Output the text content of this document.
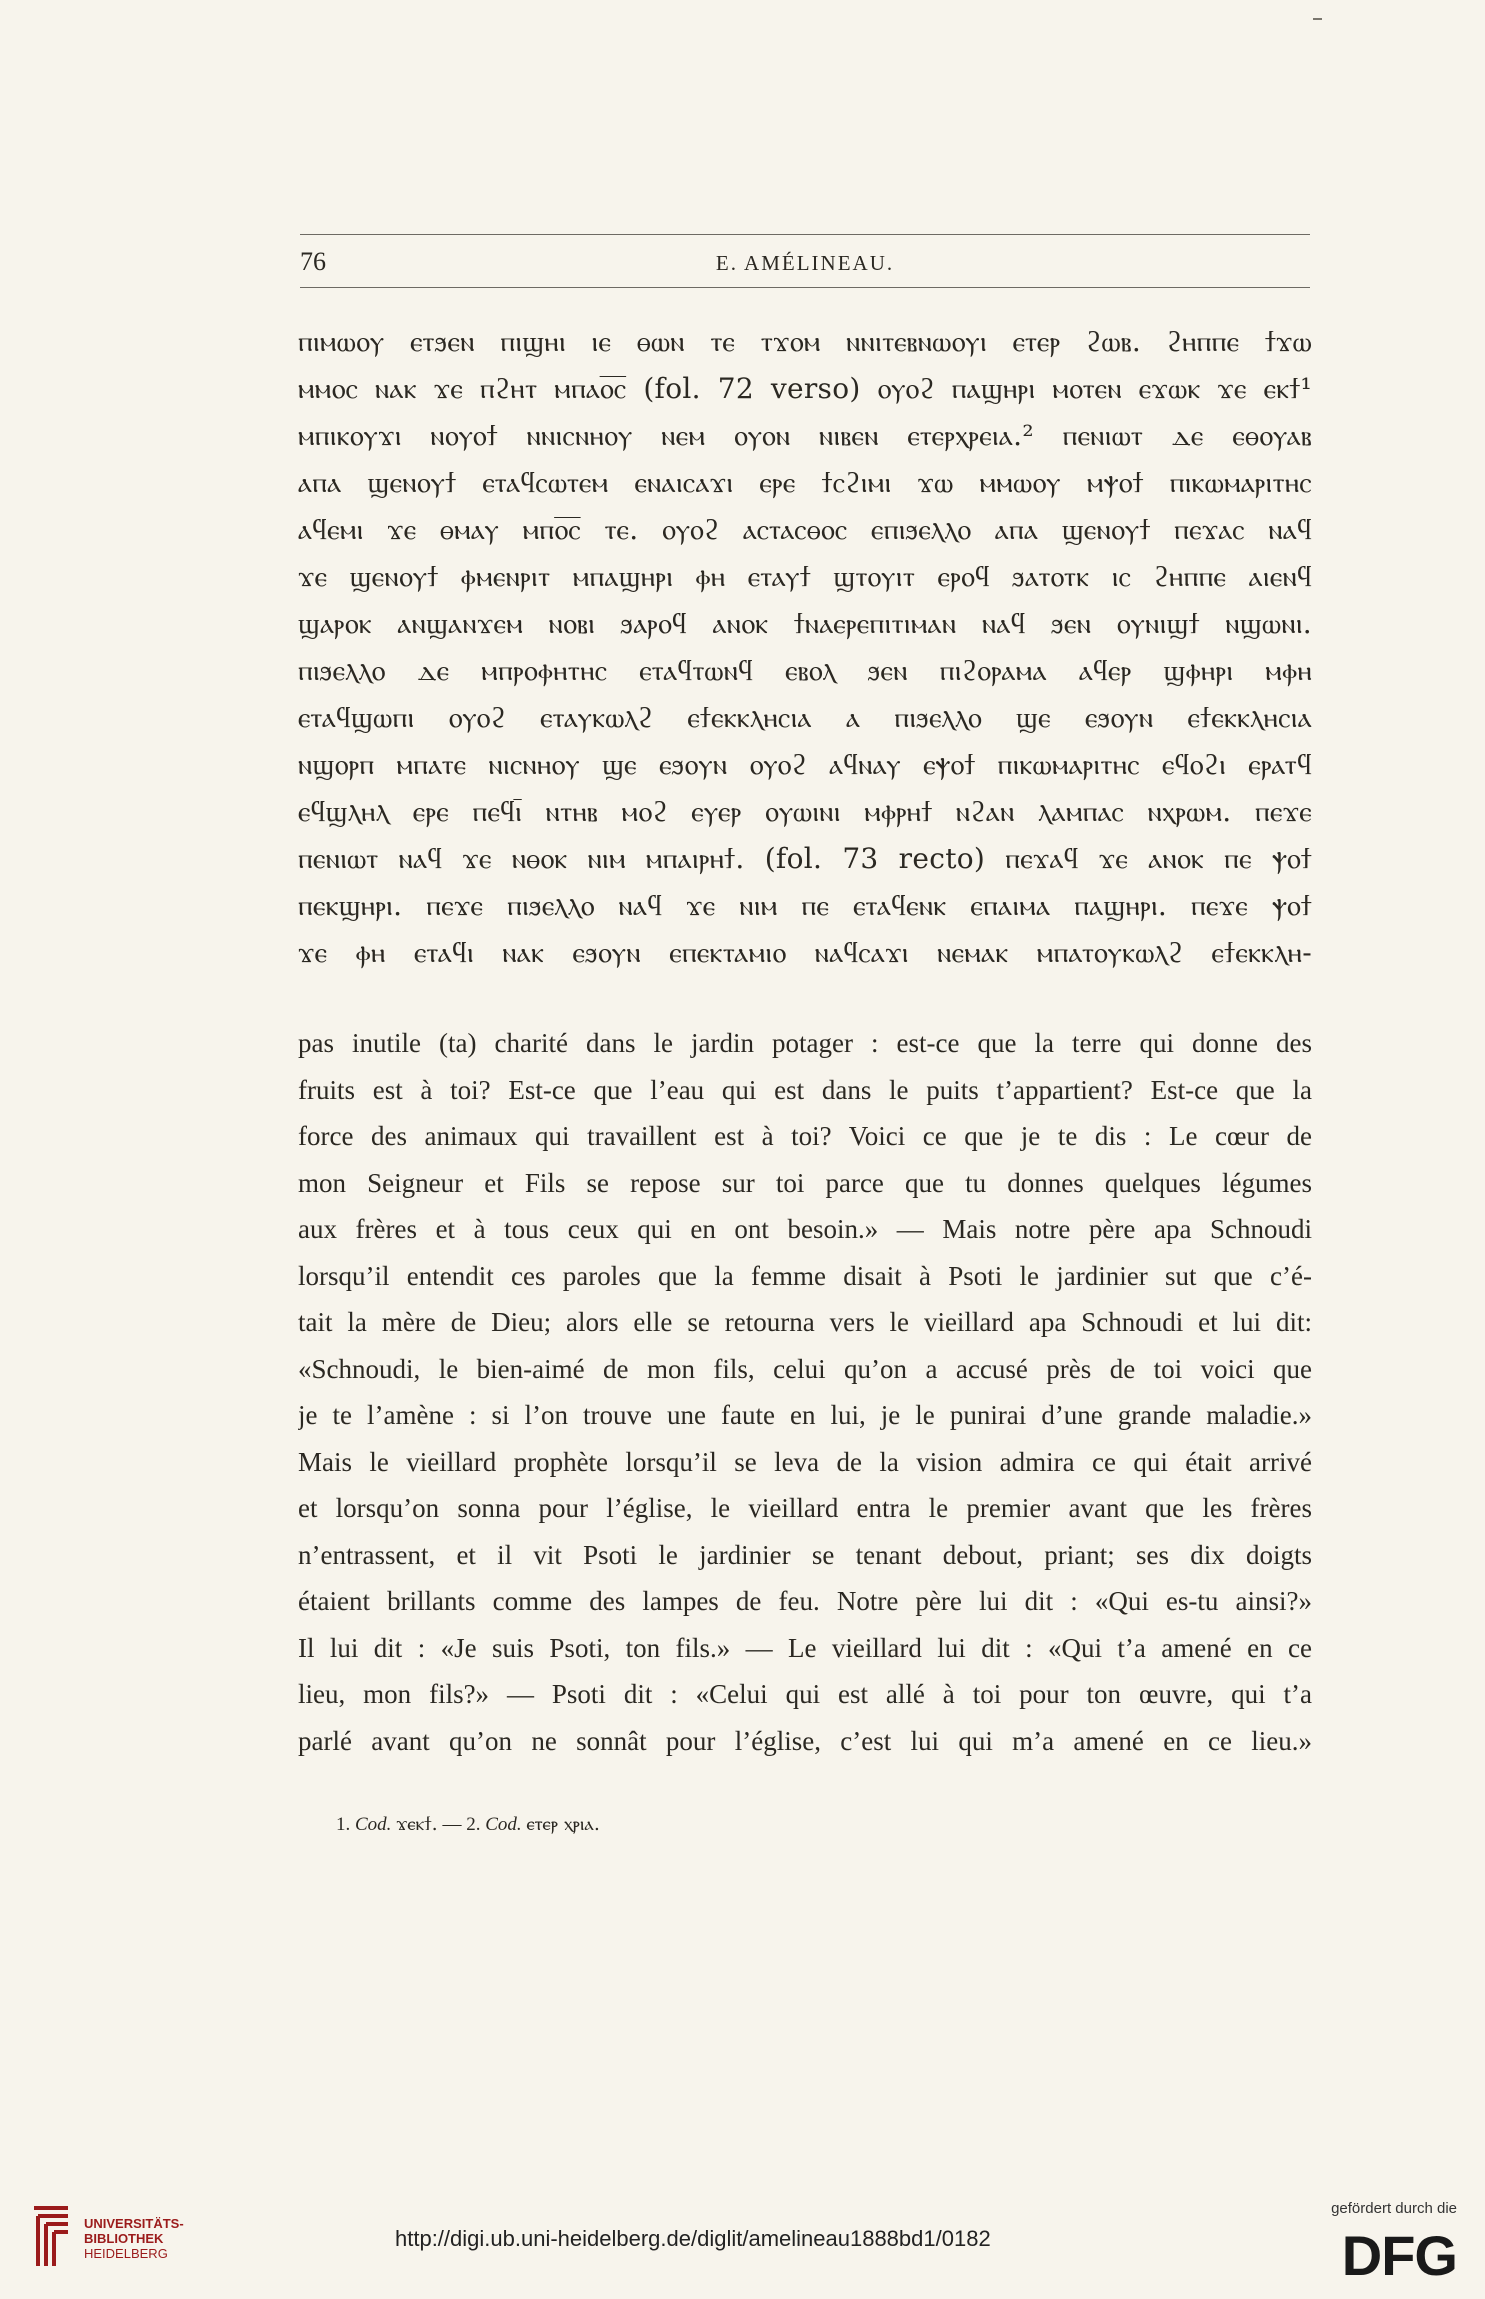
76	E. AMÉLINEAU.
ⲡⲓⲙⲱⲟⲩ ⲉⲧϧⲉⲛ ⲡⲓϣⲏⲓ ⲓⲉ ⲑⲱⲛ ⲧⲉ ⲧϫⲟⲙ ⲛⲛⲓⲧⲉⲃⲛⲱⲟⲩⲓ ⲉⲧⲉⲣ ϩⲱⲃ. ϩⲏⲡⲡⲉ ϯϫⲱ
ⲙⲙⲟⲥ ⲛⲁⲕ ϫⲉ ⲡϩⲏⲧ ⲙⲡⲁⲟ̅ⲥ̅ (fol. 72 verso) ⲟⲩⲟϩ ⲡⲁϣⲏⲣⲓ ⲙⲟⲧⲉⲛ ⲉϫⲱⲕ ϫⲉ ⲉⲕϯ¹
ⲙⲡⲓⲕⲟⲩϫⲓ ⲛⲟⲩⲟϯ ⲛⲛⲓⲥⲛⲏⲟⲩ ⲛⲉⲙ ⲟⲩⲟⲛ ⲛⲓⲃⲉⲛ ⲉⲧⲉⲣⲭⲣⲉⲓⲁ.² ⲡⲉⲛⲓⲱⲧ ⲇⲉ ⲉⲑⲟⲩⲁⲃ
ⲁⲡⲁ ϣⲉⲛⲟⲩϯ ⲉⲧⲁϥⲥⲱⲧⲉⲙ ⲉⲛⲁⲓⲥⲁϫⲓ ⲉⲣⲉ ϯⲥϩⲓⲙⲓ ϫⲱ ⲙⲙⲱⲟⲩ ⲙⲯⲟϯ ⲡⲓⲕⲱⲙⲁⲣⲓⲧⲏⲥ
ⲁϥⲉⲙⲓ ϫⲉ ⲑⲙⲁⲩ ⲙⲡⲟ̅ⲥ̅ ⲧⲉ. ⲟⲩⲟϩ ⲁⲥⲧⲁⲥⲑⲟⲥ ⲉⲡⲓϧⲉⲗⲗⲟ ⲁⲡⲁ ϣⲉⲛⲟⲩϯ ⲡⲉϫⲁⲥ ⲛⲁϥ
ϫⲉ ϣⲉⲛⲟⲩϯ ⲫⲙⲉⲛⲣⲓⲧ ⲙⲡⲁϣⲏⲣⲓ ⲫⲏ ⲉⲧⲁⲩϯ ϣⲧⲟⲩⲓⲧ ⲉⲣⲟϥ ϧⲁⲧⲟⲧⲕ ⲓⲥ ϩⲏⲡⲡⲉ ⲁⲓⲉⲛϥ
ϣⲁⲣⲟⲕ ⲁⲛϣⲁⲛϫⲉⲙ ⲛⲟⲃⲓ ϧⲁⲣⲟϥ ⲁⲛⲟⲕ ϯⲛⲁⲉⲣⲉⲡⲓⲧⲓⲙⲁⲛ ⲛⲁϥ ϧⲉⲛ ⲟⲩⲛⲓϣϯ ⲛϣⲱⲛⲓ.
ⲡⲓϧⲉⲗⲗⲟ ⲇⲉ ⲙⲡⲣⲟⲫⲏⲧⲏⲥ ⲉⲧⲁϥⲧⲱⲛϥ ⲉⲃⲟⲗ ϧⲉⲛ ⲡⲓϩⲟⲣⲁⲙⲁ ⲁϥⲉⲣ ϣⲫⲏⲣⲓ ⲙⲫⲏ
ⲉⲧⲁϥϣⲱⲡⲓ ⲟⲩⲟϩ ⲉⲧⲁⲩⲕⲱⲗϩ ⲉϯⲉⲕⲕⲗⲏⲥⲓⲁ ⲁ ⲡⲓϧⲉⲗⲗⲟ ϣⲉ ⲉϧⲟⲩⲛ ⲉϯⲉⲕⲕⲗⲏⲥⲓⲁ
ⲛϣⲟⲣⲡ ⲙⲡⲁⲧⲉ ⲛⲓⲥⲛⲏⲟⲩ ϣⲉ ⲉϧⲟⲩⲛ ⲟⲩⲟϩ ⲁϥⲛⲁⲩ ⲉⲯⲟϯ ⲡⲓⲕⲱⲙⲁⲣⲓⲧⲏⲥ ⲉϥⲟϩⲓ ⲉⲣⲁⲧϥ
ⲉϥϣⲗⲏⲗ ⲉⲣⲉ ⲡⲉϥⲓ̅ ⲛⲧⲏⲃ ⲙⲟϩ ⲉⲩⲉⲣ ⲟⲩⲱⲓⲛⲓ ⲙⲫⲣⲏϯ ⲛϩⲁⲛ ⲗⲁⲙⲡⲁⲥ ⲛⲭⲣⲱⲙ. ⲡⲉϫⲉ
ⲡⲉⲛⲓⲱⲧ ⲛⲁϥ ϫⲉ ⲛⲑⲟⲕ ⲛⲓⲙ ⲙⲡⲁⲓⲣⲏϯ. (fol. 73 recto) ⲡⲉϫⲁϥ ϫⲉ ⲁⲛⲟⲕ ⲡⲉ ⲯⲟϯ
ⲡⲉⲕϣⲏⲣⲓ. ⲡⲉϫⲉ ⲡⲓϧⲉⲗⲗⲟ ⲛⲁϥ ϫⲉ ⲛⲓⲙ ⲡⲉ ⲉⲧⲁϥⲉⲛⲕ ⲉⲡⲁⲓⲙⲁ ⲡⲁϣⲏⲣⲓ. ⲡⲉϫⲉ ⲯⲟϯ
ϫⲉ ⲫⲏ ⲉⲧⲁϥⲓ ⲛⲁⲕ ⲉϧⲟⲩⲛ ⲉⲡⲉⲕⲧⲁⲙⲓⲟ ⲛⲁϥⲥⲁϫⲓ ⲛⲉⲙⲁⲕ ⲙⲡⲁⲧⲟⲩⲕⲱⲗϩ ⲉϯⲉⲕⲕⲗⲏ-
pas inutile (ta) charité dans le jardin potager : est-ce que la terre qui donne des
fruits est à toi? Est-ce que l’eau qui est dans le puits t’appartient? Est-ce que la
force des animaux qui travaillent est à toi? Voici ce que je te dis : Le cœur de
mon Seigneur et Fils se repose sur toi parce que tu donnes quelques légumes
aux frères et à tous ceux qui en ont besoin.» — Mais notre père apa Schnoudi
lorsqu’il entendit ces paroles que la femme disait à Psoti le jardinier sut que c’é-
tait la mère de Dieu; alors elle se retourna vers le vieillard apa Schnoudi et lui dit:
«Schnoudi, le bien-aimé de mon fils, celui qu’on a accusé près de toi voici que
je te l’amène : si l’on trouve une faute en lui, je le punirai d’une grande maladie.»
Mais le vieillard prophète lorsqu’il se leva de la vision admira ce qui était arrivé
et lorsqu’on sonna pour l’église, le vieillard entra le premier avant que les frères
n’entrassent, et il vit Psoti le jardinier se tenant debout, priant; ses dix doigts
étaient brillants comme des lampes de feu. Notre père lui dit : «Qui es-tu ainsi?»
Il lui dit : «Je suis Psoti, ton fils.» — Le vieillard lui dit : «Qui t’a amené en ce
lieu, mon fils?» — Psoti dit : «Celui qui est allé à toi pour ton œuvre, qui t’a
parlé avant qu’on ne sonnât pour l’église, c’est lui qui m’a amené en ce lieu.»
1. Cod. ϫⲉⲕϯ. — 2. Cod. ⲉⲧⲉⲣ ⲭⲣⲓⲁ.
UNIVERSITÄTS-
BIBLIOTHEK
HEIDELBERG
http://digi.ub.uni-heidelberg.de/diglit/amelineau1888bd1/0182
gefördert durch die
DFG
